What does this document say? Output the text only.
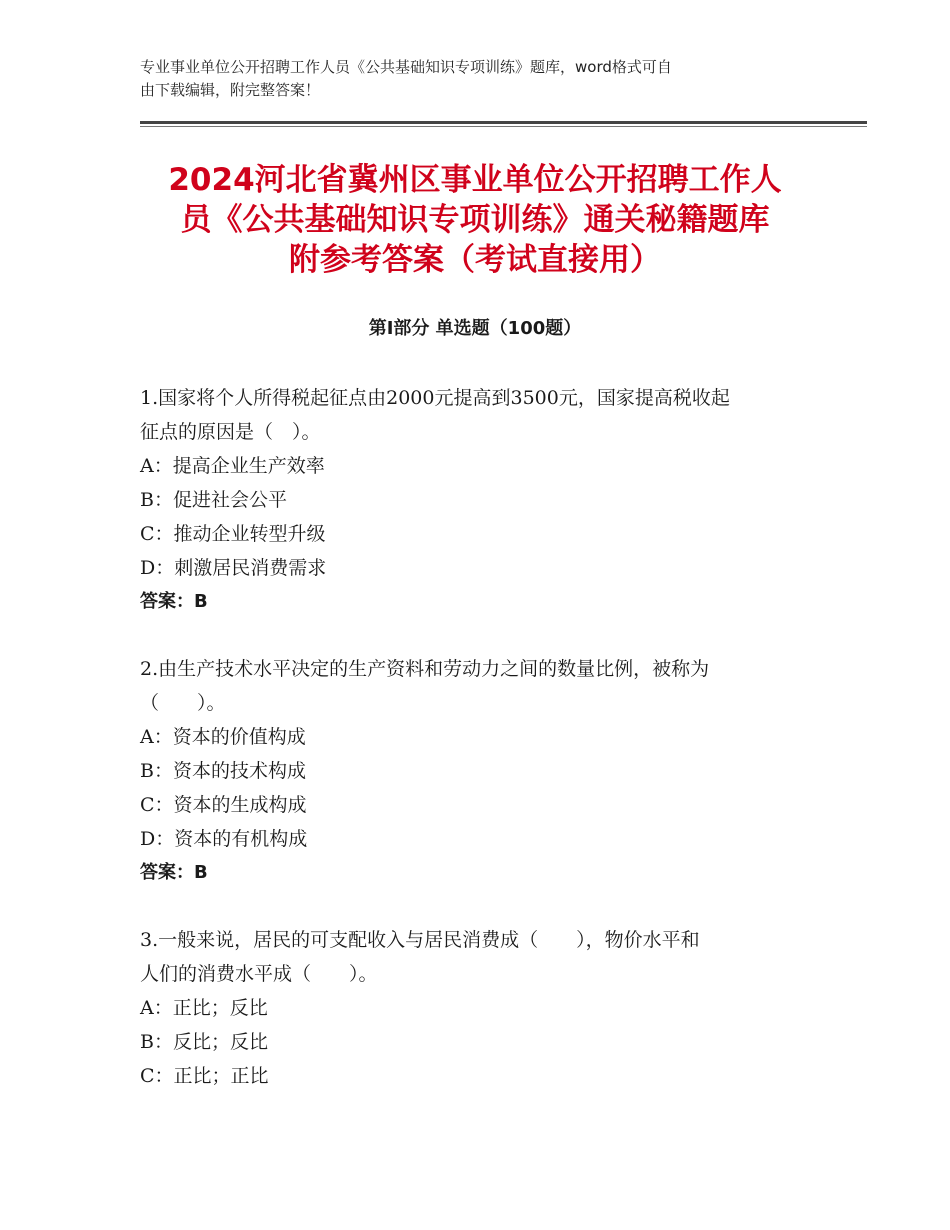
专业事业单位公开招聘工作人员《公共基础知识专项训练》题库，word格式可自
由下载编辑，附完整答案！
2024河北省冀州区事业单位公开招聘工作人
员《公共基础知识专项训练》通关秘籍题库
附参考答案（考试直接用）
第Ⅰ部分 单选题（100题）

1.国家将个人所得税起征点由2000元提高到3500元，国家提高税收起
征点的原因是（　）。

A：提高企业生产效率

B：促进社会公平

C：推动企业转型升级

D：刺激居民消费需求

答案：B

2.由生产技术水平决定的生产资料和劳动力之间的数量比例，被称为
（　　）。

A：资本的价值构成

B：资本的技术构成

C：资本的生成构成

D：资本的有机构成

答案：B

3.一般来说，居民的可支配收入与居民消费成（　　），物价水平和
人们的消费水平成（　　）。

A：正比；反比

B：反比；反比

C：正比；正比
